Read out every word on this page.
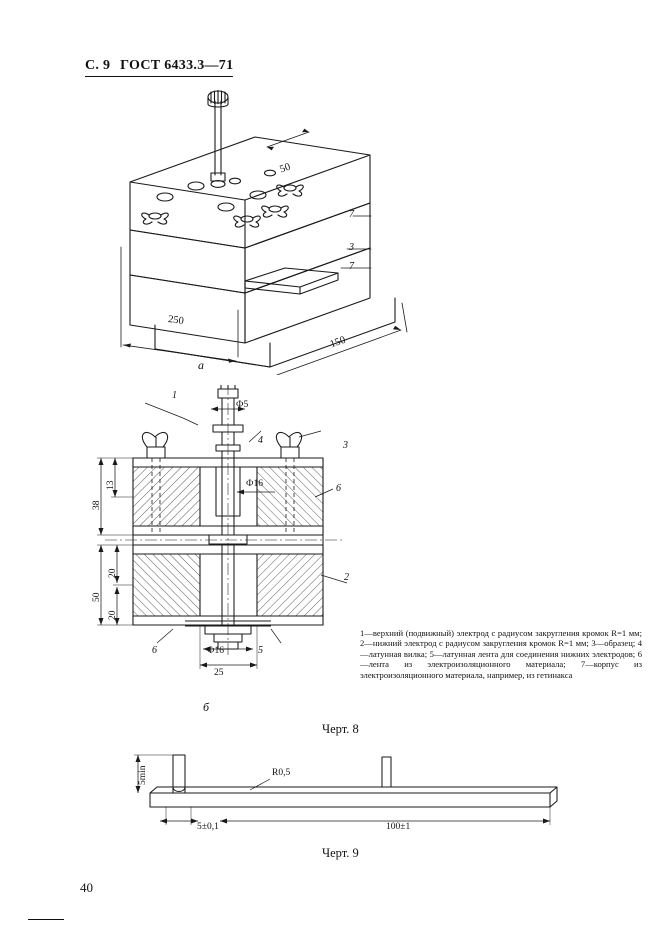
С. 9 ГОСТ 6433.3—71
250
150
50
7
3
7
а
1
4	3
6
2
6	5
Ф5
Ф16
Ф16
25
13
20
20
50
38
б
1—верхний (подвижный) электрод с радиусом закругления кромок R=1 мм; 2—нижний электрод с радиусом закругления кромок R=1 мм; 3—образец; 4—латунная вилка; 5—латунная лента для соединения нижних электродов; 6—лента из электроизоляционного материала; 7—корпус из электроизоляционного материала, например, из гетинакса
Черт. 8
5min	R0,5
5±0,1	100±1
Черт. 9
40
